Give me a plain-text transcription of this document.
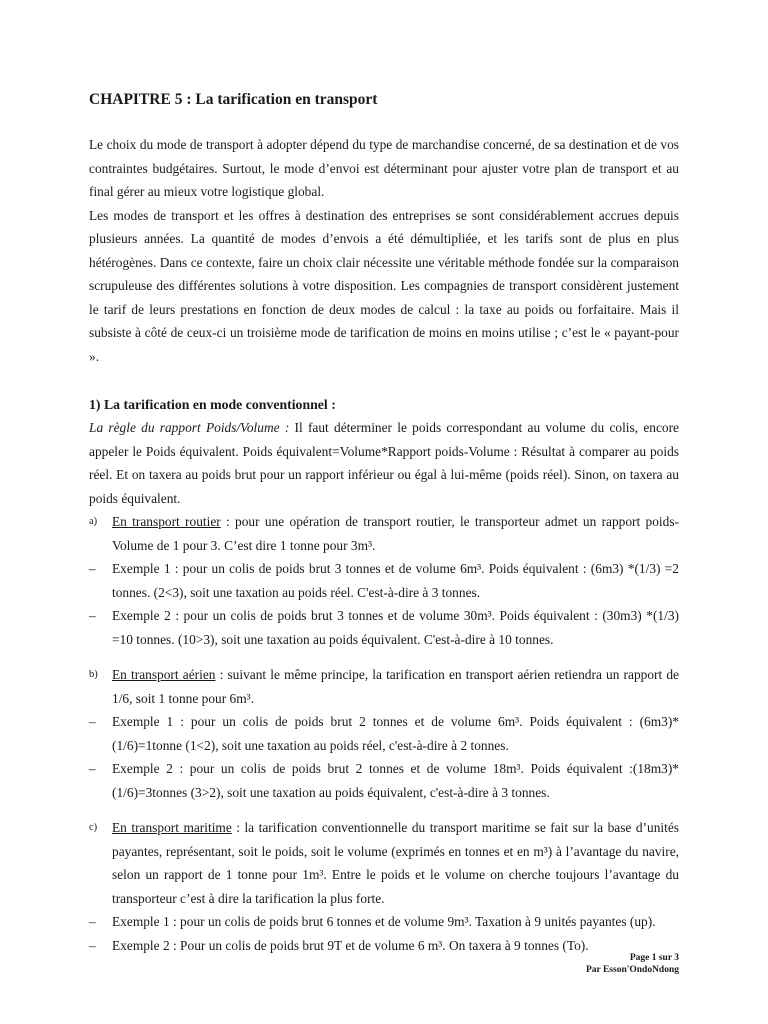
CHAPITRE 5 : La tarification en transport

Le choix du mode de transport à adopter dépend du type de marchandise concerné, de sa destination et de vos contraintes budgétaires. Surtout, le mode d’envoi est déterminant pour ajuster votre plan de transport et au final gérer au mieux votre logistique global.

Les modes de transport et les offres à destination des entreprises se sont considérablement accrues depuis plusieurs années. La quantité de modes d’envois a été démultipliée, et les tarifs sont de plus en plus hétérogènes. Dans ce contexte, faire un choix clair nécessite une véritable méthode fondée sur la comparaison scrupuleuse des différentes solutions à votre disposition. Les compagnies de transport considèrent justement le tarif de leurs prestations en fonction de deux modes de calcul : la taxe au poids ou forfaitaire. Mais il subsiste à côté de ceux-ci un troisième mode de tarification de moins en moins utilise ; c’est le « payant-pour ».

1) La tarification en mode conventionnel :

La règle du rapport Poids/Volume : Il faut déterminer le poids correspondant au volume du colis, encore appeler le Poids équivalent. Poids équivalent=Volume*Rapport poids-Volume : Résultat à comparer au poids réel. Et on taxera au poids brut pour un rapport inférieur ou égal à lui-même (poids réel). Sinon, on taxera au poids équivalent.

a) En transport routier : pour une opération de transport routier, le transporteur admet un rapport poids-Volume de 1 pour 3. C’est dire 1 tonne pour 3m³.
– Exemple 1 : pour un colis de poids brut 3 tonnes et de volume 6m³. Poids équivalent : (6m3) *(1/3) =2 tonnes. (2<3), soit une taxation au poids réel. C'est-à-dire à 3 tonnes.
– Exemple 2 : pour un colis de poids brut 3 tonnes et de volume 30m³. Poids équivalent : (30m3) *(1/3) =10 tonnes. (10>3), soit une taxation au poids équivalent. C'est-à-dire à 10 tonnes.
b) En transport aérien : suivant le même principe, la tarification en transport aérien retiendra un rapport de 1/6, soit 1 tonne pour 6m³.
– Exemple 1 : pour un colis de poids brut 2 tonnes et de volume 6m³. Poids équivalent : (6m3)*(1/6)=1tonne (1<2), soit une taxation au poids réel, c'est-à-dire à 2 tonnes.
– Exemple 2 : pour un colis de poids brut 2 tonnes et de volume 18m³. Poids équivalent :(18m3)*(1/6)=3tonnes (3>2), soit une taxation au poids équivalent, c'est-à-dire à 3 tonnes.
c) En transport maritime : la tarification conventionnelle du transport maritime se fait sur la base d’unités payantes, représentant, soit le poids, soit le volume (exprimés en tonnes et en m³) à l’avantage du navire, selon un rapport de 1 tonne pour 1m³. Entre le poids et le volume on cherche toujours l’avantage du transporteur c’est à dire la tarification la plus forte.
– Exemple 1 : pour un colis de poids brut 6 tonnes et de volume 9m³. Taxation à 9 unités payantes (up).
– Exemple 2 : Pour un colis de poids brut 9T et de volume 6 m³. On taxera à 9 tonnes (To).
Page 1 sur 3
Par Esson'OndoNdong
